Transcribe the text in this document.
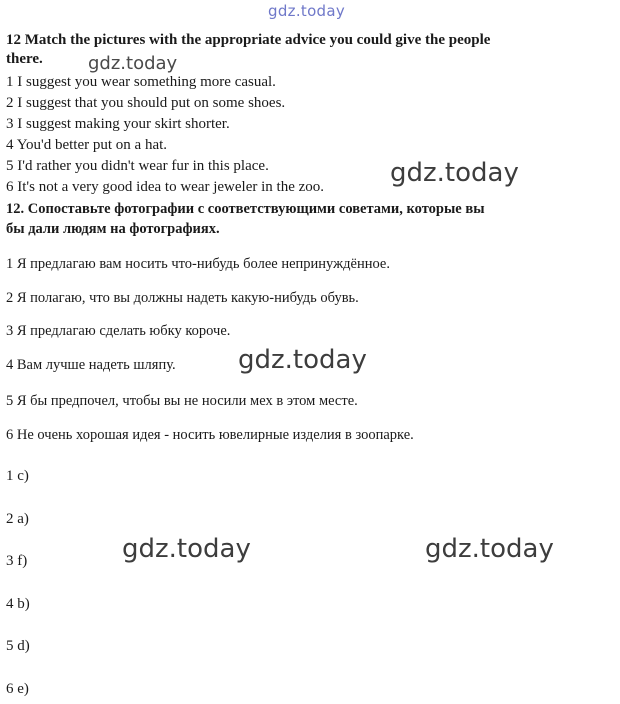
gdz.today
gdz.today
gdz.today
gdz.today
gdz.today	gdz.today
12 Match the pictures with the appropriate advice you could give the people
there.
1 I suggest you wear something more casual.
2 I suggest that you should put on some shoes.
3 I suggest making your skirt shorter.
4 You'd better put on a hat.
5 I'd rather you didn't wear fur in this place.
6 It's not a very good idea to wear jeweler in the zoo.
12. Сопоставьте фотографии с соответствующими советами, которые вы
бы дали людям на фотографиях.
1 Я предлагаю вам носить что-нибудь более непринуждённое.
2 Я полагаю, что вы должны надеть какую-нибудь обувь.
3 Я предлагаю сделать юбку короче.
4 Вам лучше надеть шляпу.
5 Я бы предпочел, чтобы вы не носили мех в этом месте.
6 Не очень хорошая идея - носить ювелирные изделия в зоопарке.
1 c)
2 a)
3 f)
4 b)
5 d)
6 e)
